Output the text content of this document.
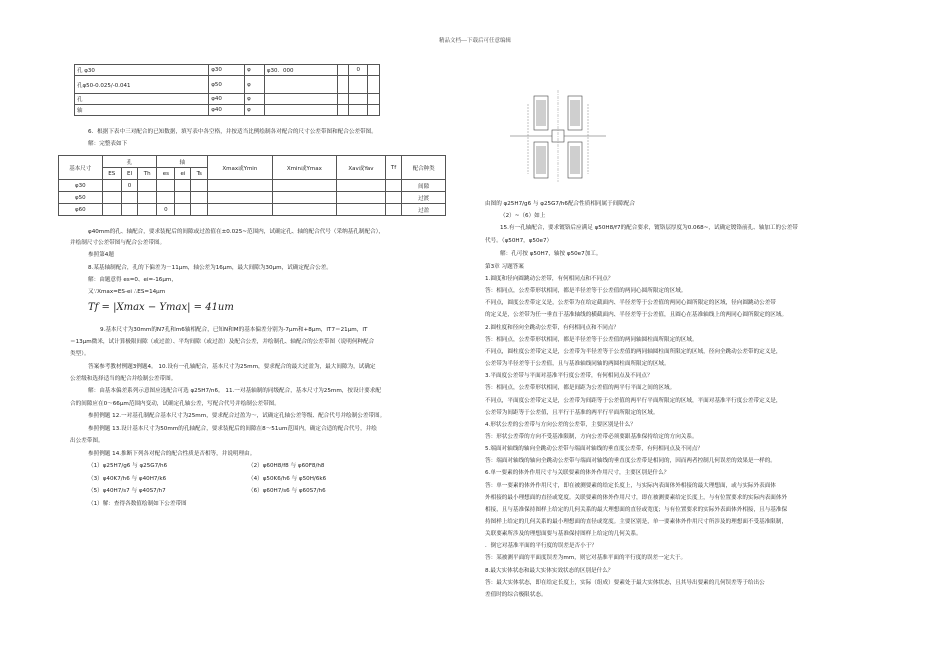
精品文档---下载后可任意编辑
孔 φ30	φ30	φ	φ30．000		0	
孔φ50-0.025/-0.041	φ50	φ				
孔	φ40	φ				
轴	φ40	φ				
6．根据下表中三对配合的已知数据，填写表中各空格，并按适当比例绘制各对配合的尺寸公差带图和配合公差带图。
解：完整表如下
基本尺寸	孔			轴			Xmax或Ymin	Xmin或Ymax	Xav或Yav	Tf	配合种类
	ES	EI	Th	es	ei	Ts					
φ30		0									间隙
φ50											过渡
φ60				0							过盈
φ40mm的孔、轴配合，要求装配后的间隙或过盈值在±0.025~范围内，试确定孔、轴的配合代号（采纳基孔制配合），
并绘制尺寸公差带图与配合公差带图。
参照第4题
8.某基轴制配合，孔的下偏差为－11μm，轴公差为16μm，最大间隙为30μm，试确定配合公差。
解：由题意得 es=0、ei=-16μm，
又∵Xmax=ES-ei ∴ES=14μm
Tf = |Xmax − Ymax| = 41um
9.基本尺寸为30mm的N7孔和m6轴相配合，已知N和M的基本偏差分别为-7μm和+8μm，IT7＝21μm，IT
＝13μm微米，试计算极限间隙（或过盈）、平均间隙（或过盈）及配合公差，并绘制孔、轴配合的公差带图（说明何种配合
类型）。
答案参考教材例题3例题4。 10.设有一孔轴配合，基本尺寸为25mm，要求配合的最大过盈为，最大间隙为，试确定
公差级和选择适当的配合并绘制公差带图。
解：由基本偏差系列示意图应选配合可选 φ25H7/n6。 11.一对基轴制的同级配合，基本尺寸为25mm，按设计要求配
合的间隙应在0～66μm范围内变动，试确定孔轴公差，写配合代号并绘制公差带图。
参照例题 12.一对基孔制配合基本尺寸为25mm，要求配合过盈为～，试确定孔轴公差等级、配合代号并绘制公差带图。
参照例题 13.设计基本尺寸为50mm的孔轴配合，要求装配后的间隙在8～51um范围内，确定合适的配合代号，并绘
出公差带图。
参照例题 14.推断下列各对配合的配合性质是否相等，并说明理由。
（1）φ25H7/g6 与 φ25G7/h6	（2）φ60H8/f8 与 φ60F8/h8
（3）φ40K7/h6 与 φ40H7/k6	（4）φ50K6/h6 与 φ50H/6k6
（5）φ40H7/s7 与 φ40S7/h7	（6）φ60H7/s6 与 φ60S7/h6
（1）解：查得各数值绘制如下公差带图
由图的 φ25H7/g6 与 φ25G7/h6配合性质相同属于间隙配合
（2）~（6）如上
15.有一孔轴配合，要求镀铬后应满足 φ50H8/f7的配合要求，镀铬层厚度为0.068~，试确定镀铬前孔、轴加工的公差带
代号。（φ50H7，φ50e7）
解：孔可按 φ50H7，轴按 φ50e7加工。
第3章 习题答案
1.圆度和径向圆跳动公差带，有何相同点和不同点？
答：相同点，公差带形状相同，都是半径差等于公差值的两同心圆所限定的区域。
不同点，圆度公差带定义是，公差带为在给定截面内、半径差等于公差值的两同心圆所限定的区域，径向圆跳动公差带
的定义是，公差带为任一垂直于基准轴线的横截面内、半径差等于公差值，且圆心在基准轴线上的两同心圆所限定的区域。
2.圆柱度和径向全跳动公差带，有何相同点和不同点？
答：相同点，公差带形状相同，都是半径差等于公差值的两同轴圆柱面所限定的区域。
不同点，圆柱度公差带定义是，公差带为半径差等于公差值的两同轴圆柱面所限定的区域，径向全跳动公差带的定义是，
公差带为半径差等于公差值，且与基准轴线同轴的两圆柱面所限定的区域。
3.平面度公差带与平面对基准平行度公差带，有何相同点及不同点？
答：相同点，公差带形状相同，都是间距为公差值的两平行平面之间的区域。
不同点，平面度公差带定义是，公差带为间距等于公差值的两平行平面所限定的区域，平面对基准平行度公差带定义是，
公差带为间距等于公差值，且平行于基准的两平行平面所限定的区域。
4.形状公差的公差带与方向公差的公差带，主要区别是什么？
答：形状公差带的方向不受基准限制，方向公差带必须要跟基准保持给定的方向关系。
5.端面对轴线的轴向全跳动公差带与端面对轴线的垂直度公差带，有何相同点及不同点？
答：端面对轴线的轴向全跳动公差带与端面对轴线的垂直度公差带是相同的，因而两者控制几何误差的效果是一样的。
6.单一要素的体外作用尺寸与关联要素的体外作用尺寸，主要区别是什么？
答：单一要素的体外作用尺寸，即在被测要素的给定长度上，与实际内表面体外相接的最大理想面，或与实际外表面体
外相接的最小理想面的直径或宽度。关联要素的体外作用尺寸，即在被测要素给定长度上，与有位置要求的实际内表面体外
相接，且与基准保持图样上给定的几何关系的最大理想面的直径或宽度；与有位置要求的实际外表面体外相接，且与基准保
持图样上给定的几何关系的最小理想面的直径或宽度。主要区别是，单一要素体外作用尺寸所涉及的理想面不受基准限制，
关联要素所涉及的理想面要与基准保持图样上给定的几何关系。
．倒它对基准平面的平行度的误差是否小于？
答：某被测平面的平面度误差为mm，则它对基准平面的平行度的误差一定大于。
8.最大实体状态和最大实体实效状态的区别是什么？
答：最大实体状态，即在给定长度上，实际（组成）要素处于最大实体状态，且其导出要素的几何误差等于给出公
差值时的综合极限状态。
